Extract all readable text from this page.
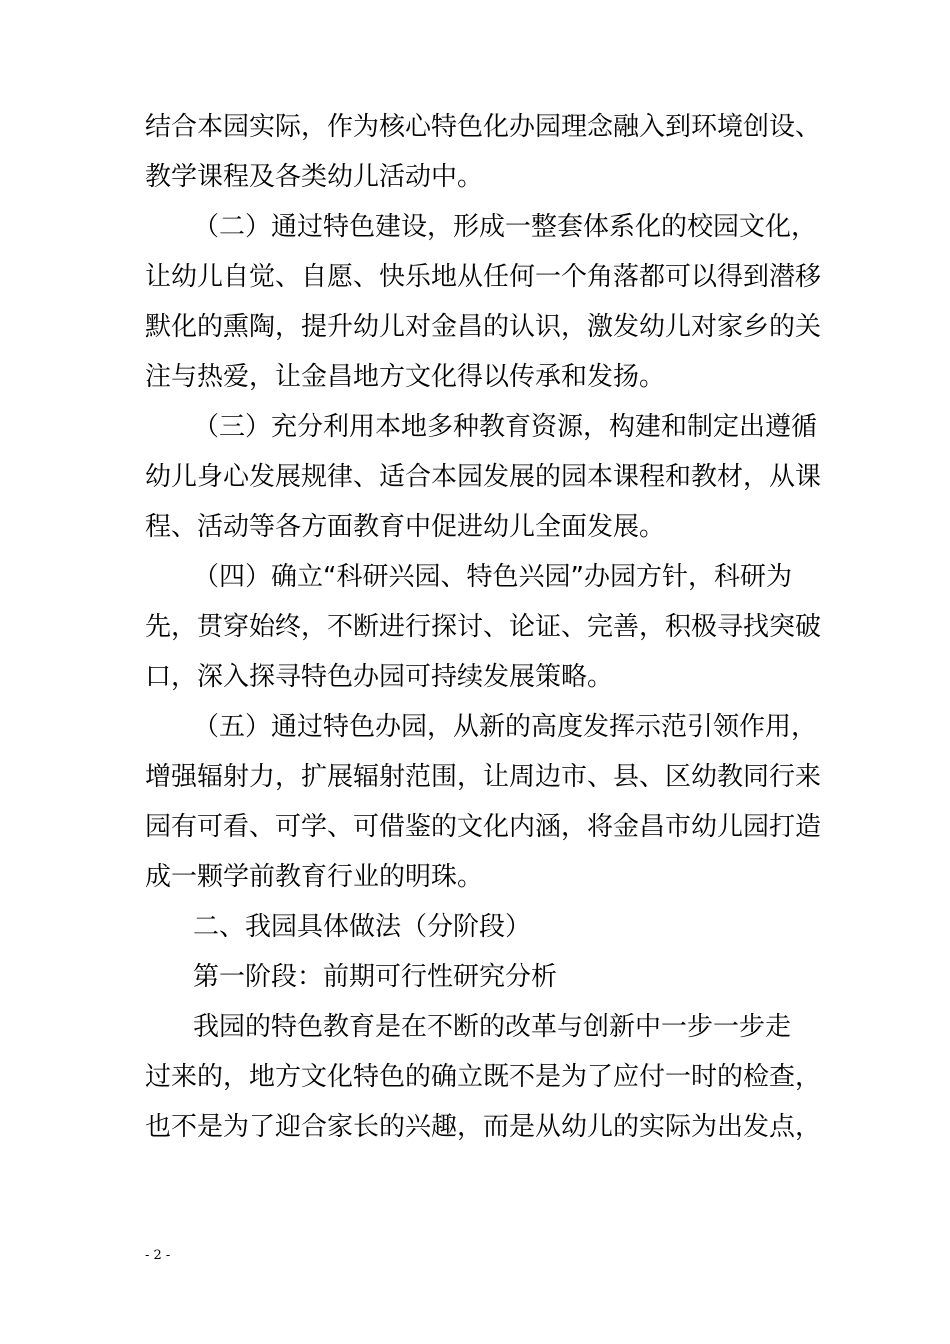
结合本园实际，作为核心特色化办园理念融入到环境创设、
教学课程及各类幼儿活动中。
（二）通过特色建设，形成一整套体系化的校园文化，
让幼儿自觉、自愿、快乐地从任何一个角落都可以得到潜移
默化的熏陶，提升幼儿对金昌的认识，激发幼儿对家乡的关
注与热爱，让金昌地方文化得以传承和发扬。
（三）充分利用本地多种教育资源，构建和制定出遵循
幼儿身心发展规律、适合本园发展的园本课程和教材，从课
程、活动等各方面教育中促进幼儿全面发展。
（四）确立“科研兴园、特色兴园”办园方针，科研为
先，贯穿始终，不断进行探讨、论证、完善，积极寻找突破
口，深入探寻特色办园可持续发展策略。
（五）通过特色办园，从新的高度发挥示范引领作用，
增强辐射力，扩展辐射范围，让周边市、县、区幼教同行来
园有可看、可学、可借鉴的文化内涵，将金昌市幼儿园打造
成一颗学前教育行业的明珠。
二、我园具体做法（分阶段）
第一阶段：前期可行性研究分析
我园的特色教育是在不断的改革与创新中一步一步走
过来的，地方文化特色的确立既不是为了应付一时的检查，
也不是为了迎合家长的兴趣，而是从幼儿的实际为出发点，
- 2 -
